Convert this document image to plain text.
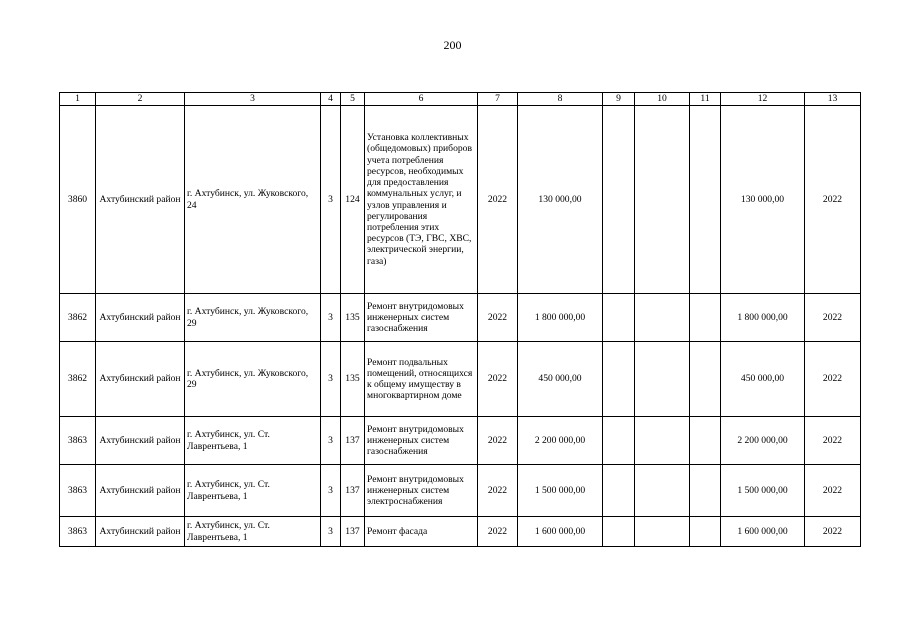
200
1	2	3	4	5	6	7	8	9	10	11	12	13
3860	Ахтубинский район	г. Ахтубинск, ул. Жуковского, 24	3	124	Установка коллективных (общедомовых) приборов учета потребления ресурсов, необходимых для предоставления коммунальных услуг, и узлов управления и регулирования потребления этих ресурсов (ТЭ, ГВС, ХВС, электрической энергии, газа)	2022	130 000,00				130 000,00	2022
3862	Ахтубинский район	г. Ахтубинск, ул. Жуковского, 29	3	135	Ремонт внутридомовых инженерных систем газоснабжения	2022	1 800 000,00				1 800 000,00	2022
3862	Ахтубинский район	г. Ахтубинск, ул. Жуковского, 29	3	135	Ремонт подвальных помещений, относящихся к общему имуществу в многоквартирном доме	2022	450 000,00				450 000,00	2022
3863	Ахтубинский район	г. Ахтубинск, ул. Ст. Лаврентьева, 1	3	137	Ремонт внутридомовых инженерных систем газоснабжения	2022	2 200 000,00				2 200 000,00	2022
3863	Ахтубинский район	г. Ахтубинск, ул. Ст. Лаврентьева, 1	3	137	Ремонт внутридомовых инженерных систем электроснабжения	2022	1 500 000,00				1 500 000,00	2022
3863	Ахтубинский район	г. Ахтубинск, ул. Ст. Лаврентьева, 1	3	137	Ремонт фасада	2022	1 600 000,00				1 600 000,00	2022
